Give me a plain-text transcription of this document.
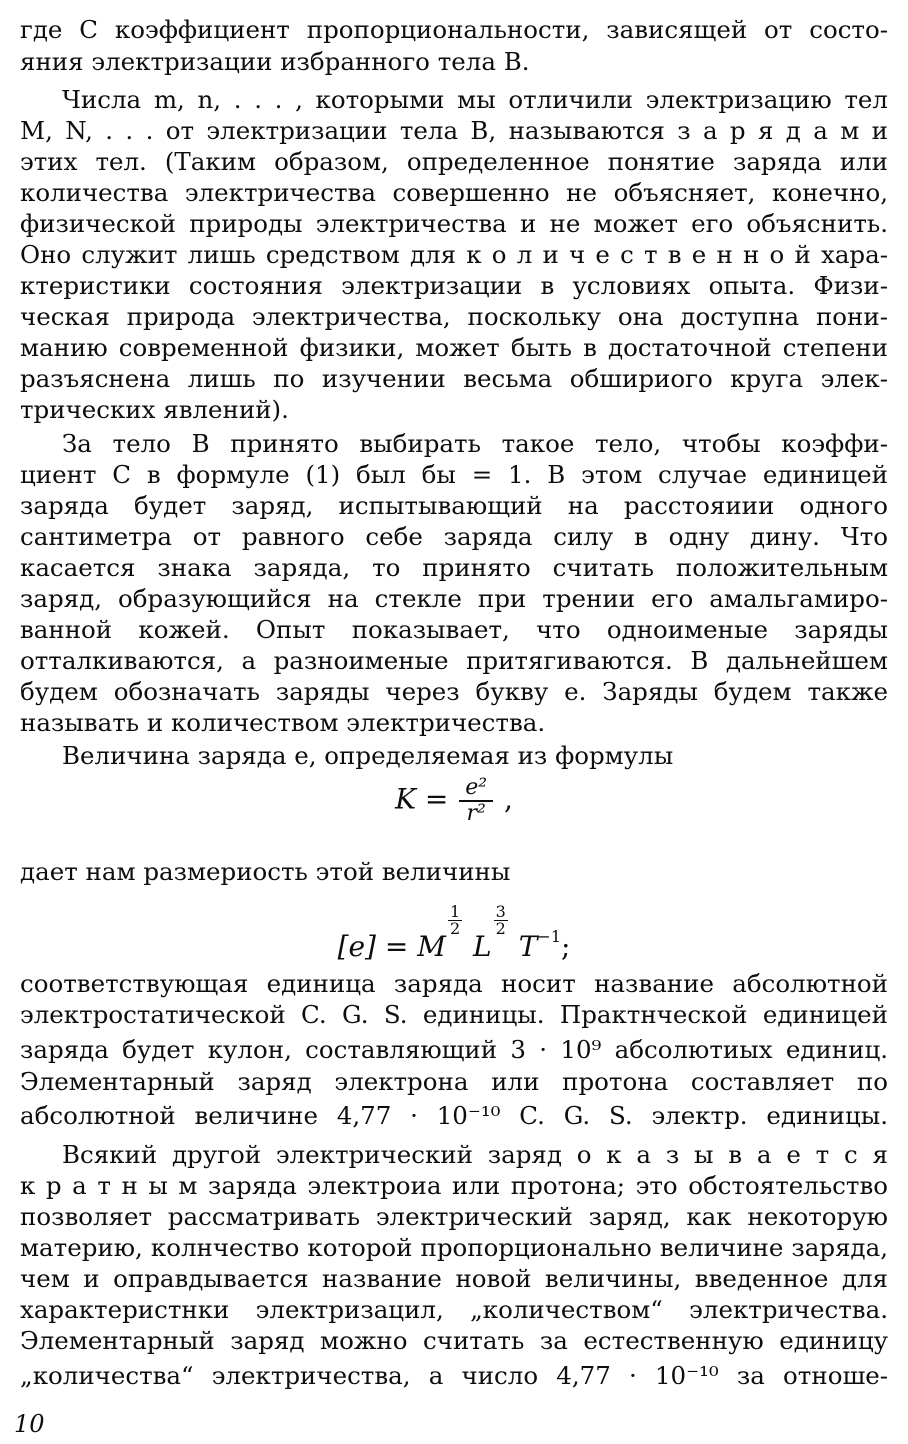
где C коэффициент пропорциональности, зависящей от состо-
яния электризации избранного тела B.
Числа m, n, . . . , которыми мы отличили электризацию тел
M, N, . . . от электризации тела B, называются з а р я д а м и
этих тел. (Таким образом, определенное понятие заряда или
количества электричества совершенно не объясняет, конечно,
физической природы электричества и не может его объяснить.
Оно служит лишь средством для к о л и ч е с т в е н н о й хара-
ктеристики состояния электризации в условиях опыта. Физи-
ческая природа электричества, поскольку она доступна пони-
манию современной физики, может быть в достаточной степени
разъяснена лишь по изучении весьма обшириого круга элек-
трических явлений).
За тело B принято выбирать такое тело, чтобы коэффи-
циент C в формуле (1) был бы = 1. В этом случае единицей
заряда будет заряд, испытывающий на расстояиии одного
сантиметра от равного себе заряда силу в одну дину. Что
касается знака заряда, то принято считать положительным
заряд, образующийся на стекле при трении его амальгамиро-
ванной кожей. Опыт показывает, что одноименые заряды
отталкиваются, а разноименые притягиваются. В дальнейшем
будем обозначать заряды через букву e. Заряды будем также
называть и количеством электричества.
Величина заряда e, определяемая из формулы
$K = \frac{\text{e²}}{\text{r²}}$ ,
дает нам размериость этой величины
[e] = M
$\frac{1}{2}$
L
$\frac{3}{2}$
$T^{-1}$;
соответствующая единица заряда носит название абсолютной
электростатической C. G. S. единицы. Практнческой единицей
заряда будет кулон, составляющий 3 · 10⁹ абсолютиых единиц.
Элементарный заряд электрона или протона составляет по
абсолютной величине 4,77 · 10⁻¹⁰ C. G. S. электр. единицы.
Всякий другой электрический заряд о к а з ы в а е т с я
к р а т н ы м заряда электроиа или протона; это обстоятельство
позволяет рассматривать электрический заряд, как некоторую
материю, колнчество которой пропорционально величине заряда,
чем и оправдывается название новой величины, введенное для
характеристнки электризацил, „количеством“ электричества.
Элементарный заряд можно считать за естественную единицу
„количества“ электричества, а число 4,77 · 10⁻¹⁰ за отноше-
10
